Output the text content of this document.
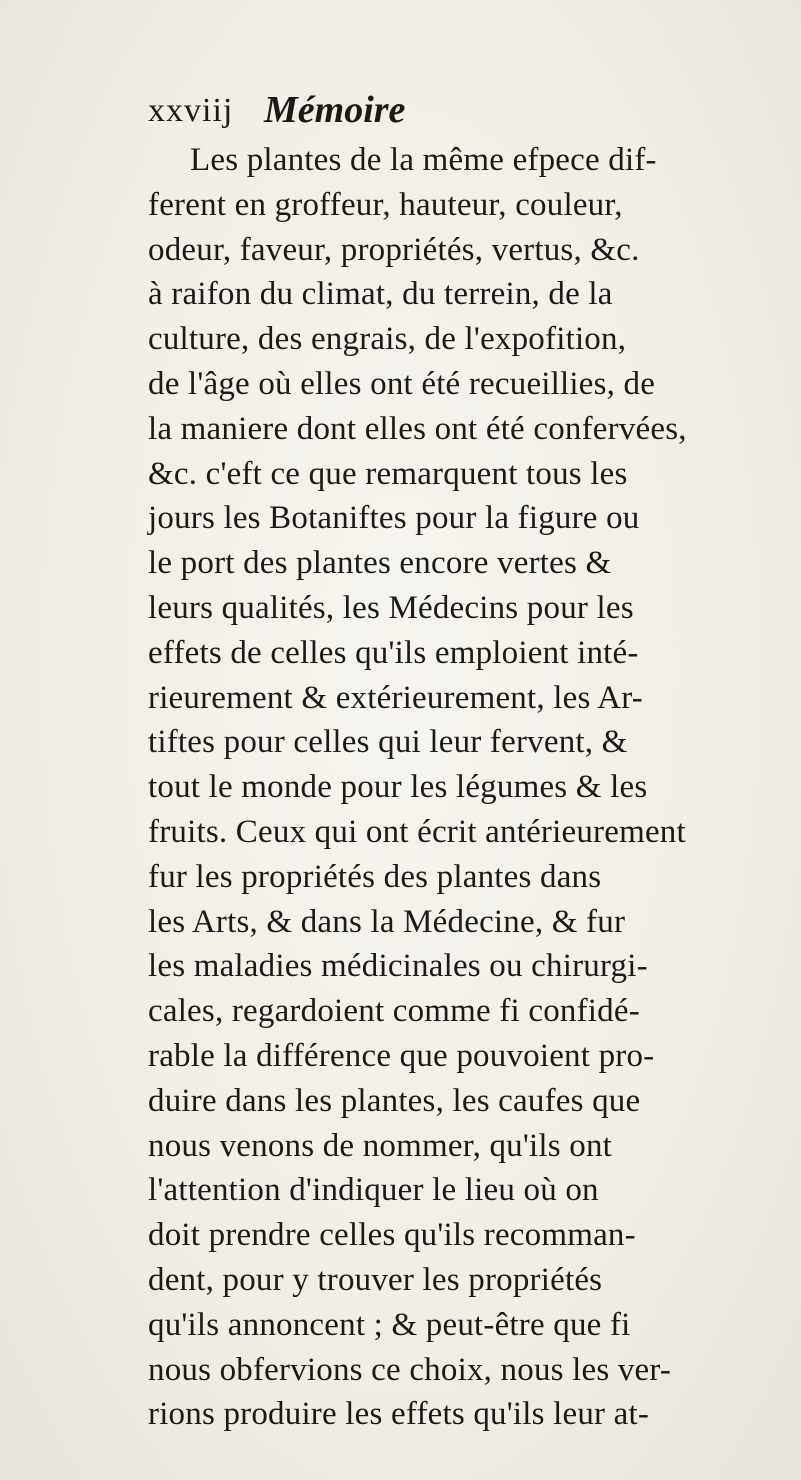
xxviij Mémoire
Les plantes de la même efpece dif-
ferent en groffeur, hauteur, couleur,
odeur, faveur, propriétés, vertus, &c.
à raifon du climat, du terrein, de la
culture, des engrais, de l'expofition,
de l'âge où elles ont été recueillies, de
la maniere dont elles ont été confervées,
&c. c'eft ce que remarquent tous les
jours les Botaniftes pour la figure ou
le port des plantes encore vertes &
leurs qualités, les Médecins pour les
effets de celles qu'ils emploient inté-
rieurement & extérieurement, les Ar-
tiftes pour celles qui leur fervent, &
tout le monde pour les légumes & les
fruits. Ceux qui ont écrit antérieurement
fur les propriétés des plantes dans
les Arts, & dans la Médecine, & fur
les maladies médicinales ou chirurgi-
cales, regardoient comme fi confidé-
rable la différence que pouvoient pro-
duire dans les plantes, les caufes que
nous venons de nommer, qu'ils ont
l'attention d'indiquer le lieu où on
doit prendre celles qu'ils recomman-
dent, pour y trouver les propriétés
qu'ils annoncent ; & peut-être que fi
nous obfervions ce choix, nous les ver-
rions produire les effets qu'ils leur at-
